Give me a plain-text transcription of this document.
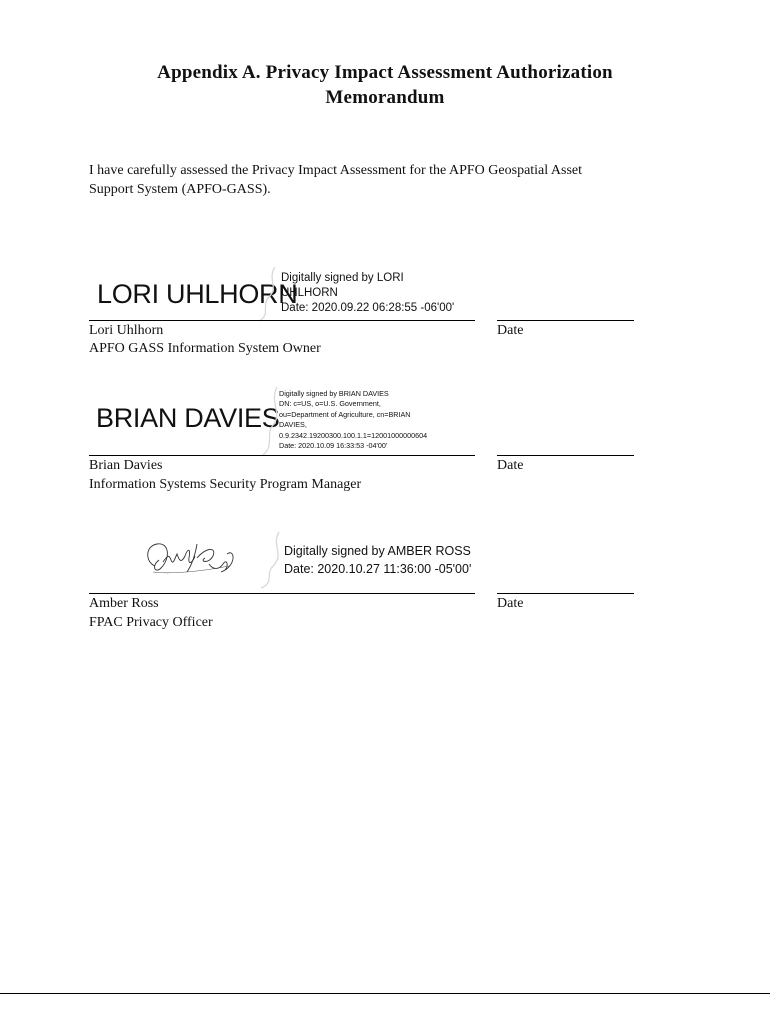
Appendix A. Privacy Impact Assessment Authorization
Memorandum
I have carefully assessed the Privacy Impact Assessment for the APFO Geospatial Asset
Support System (APFO-GASS).
LORI UHLHORN
Digitally signed by LORI
UHLHORN
Date: 2020.09.22 06:28:55 -06'00'
Lori Uhlhorn
APFO GASS Information System Owner
Date
BRIAN DAVIES
Digitally signed by BRIAN DAVIES
DN: c=US, o=U.S. Government,
ou=Department of Agriculture, cn=BRIAN
DAVIES,
0.9.2342.19200300.100.1.1=12001000000604
Date: 2020.10.09 16:33:53 -04'00'
Brian Davies
Information Systems Security Program Manager
Date
Digitally signed by AMBER ROSS
Date: 2020.10.27 11:36:00 -05'00'
Amber Ross
FPAC Privacy Officer
Date
